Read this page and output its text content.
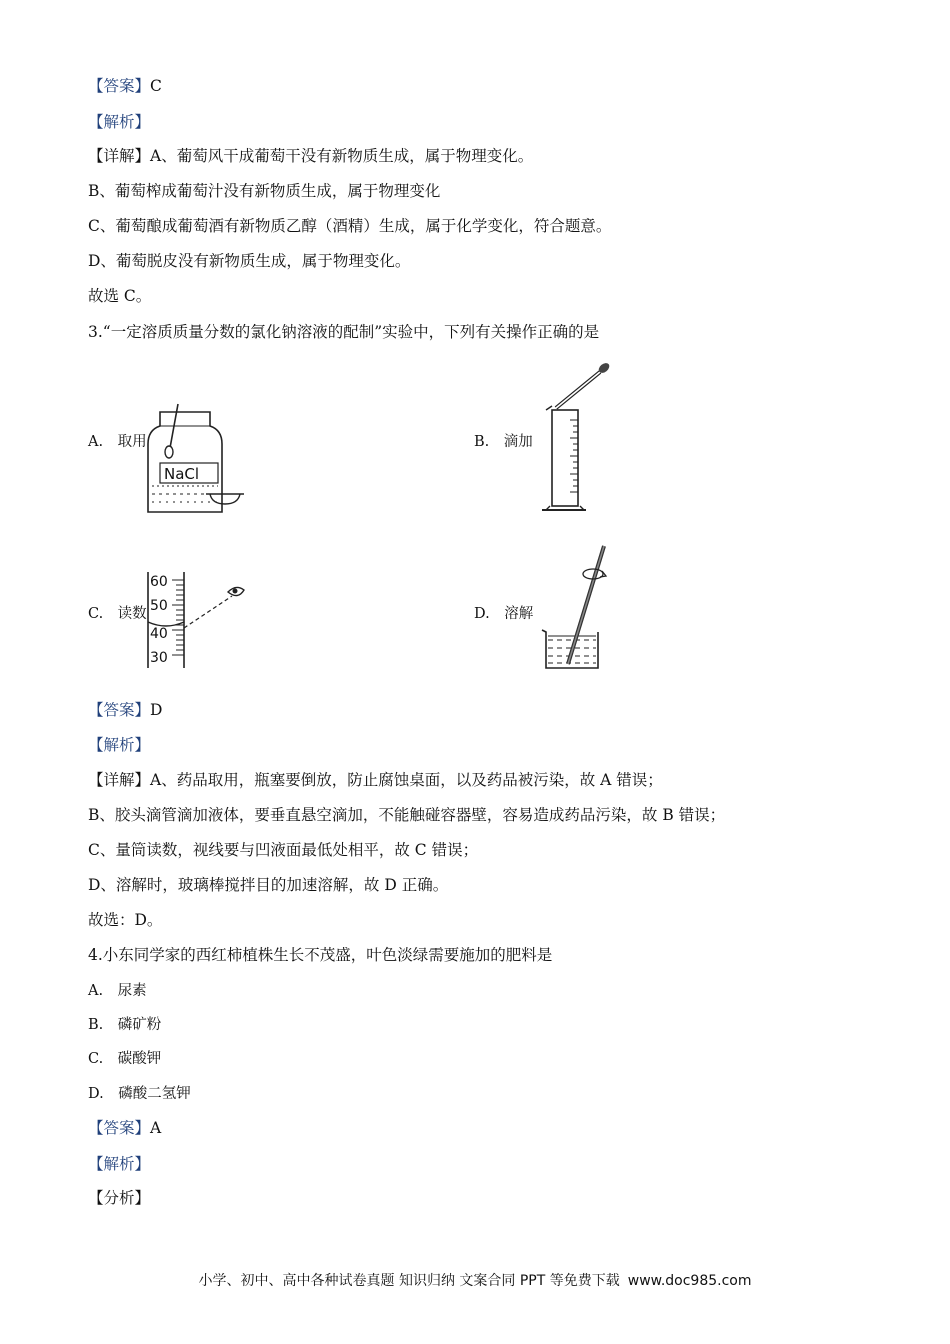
【答案】C
【解析】
【详解】A、葡萄风干成葡萄干没有新物质生成，属于物理变化。
B、葡萄榨成葡萄汁没有新物质生成，属于物理变化
C、葡萄酿成葡萄酒有新物质乙醇（酒精）生成，属于化学变化，符合题意。
D、葡萄脱皮没有新物质生成，属于物理变化。
故选 C。
3.“一定溶质质量分数的氯化钠溶液的配制”实验中，下列有关操作正确的是
A.　取用
NaCl
B.　滴加
C.　读数
60
50
40
30
D.　溶解
【答案】D
【解析】
【详解】A、药品取用，瓶塞要倒放，防止腐蚀桌面，以及药品被污染，故 A 错误；
B、胶头滴管滴加液体，要垂直悬空滴加，不能触碰容器壁，容易造成药品污染，故 B 错误；
C、量筒读数，视线要与凹液面最低处相平，故 C 错误；
D、溶解时，玻璃棒搅拌目的加速溶解，故 D 正确。
故选：D。
4.小东同学家的西红柿植株生长不茂盛，叶色淡绿需要施加的肥料是
A.　尿素
B.　磷矿粉
C.　碳酸钾
D.　磷酸二氢钾
【答案】A
【解析】
【分析】
小学、初中、高中各种试卷真题 知识归纳 文案合同 PPT 等免费下载 www.doc985.com
